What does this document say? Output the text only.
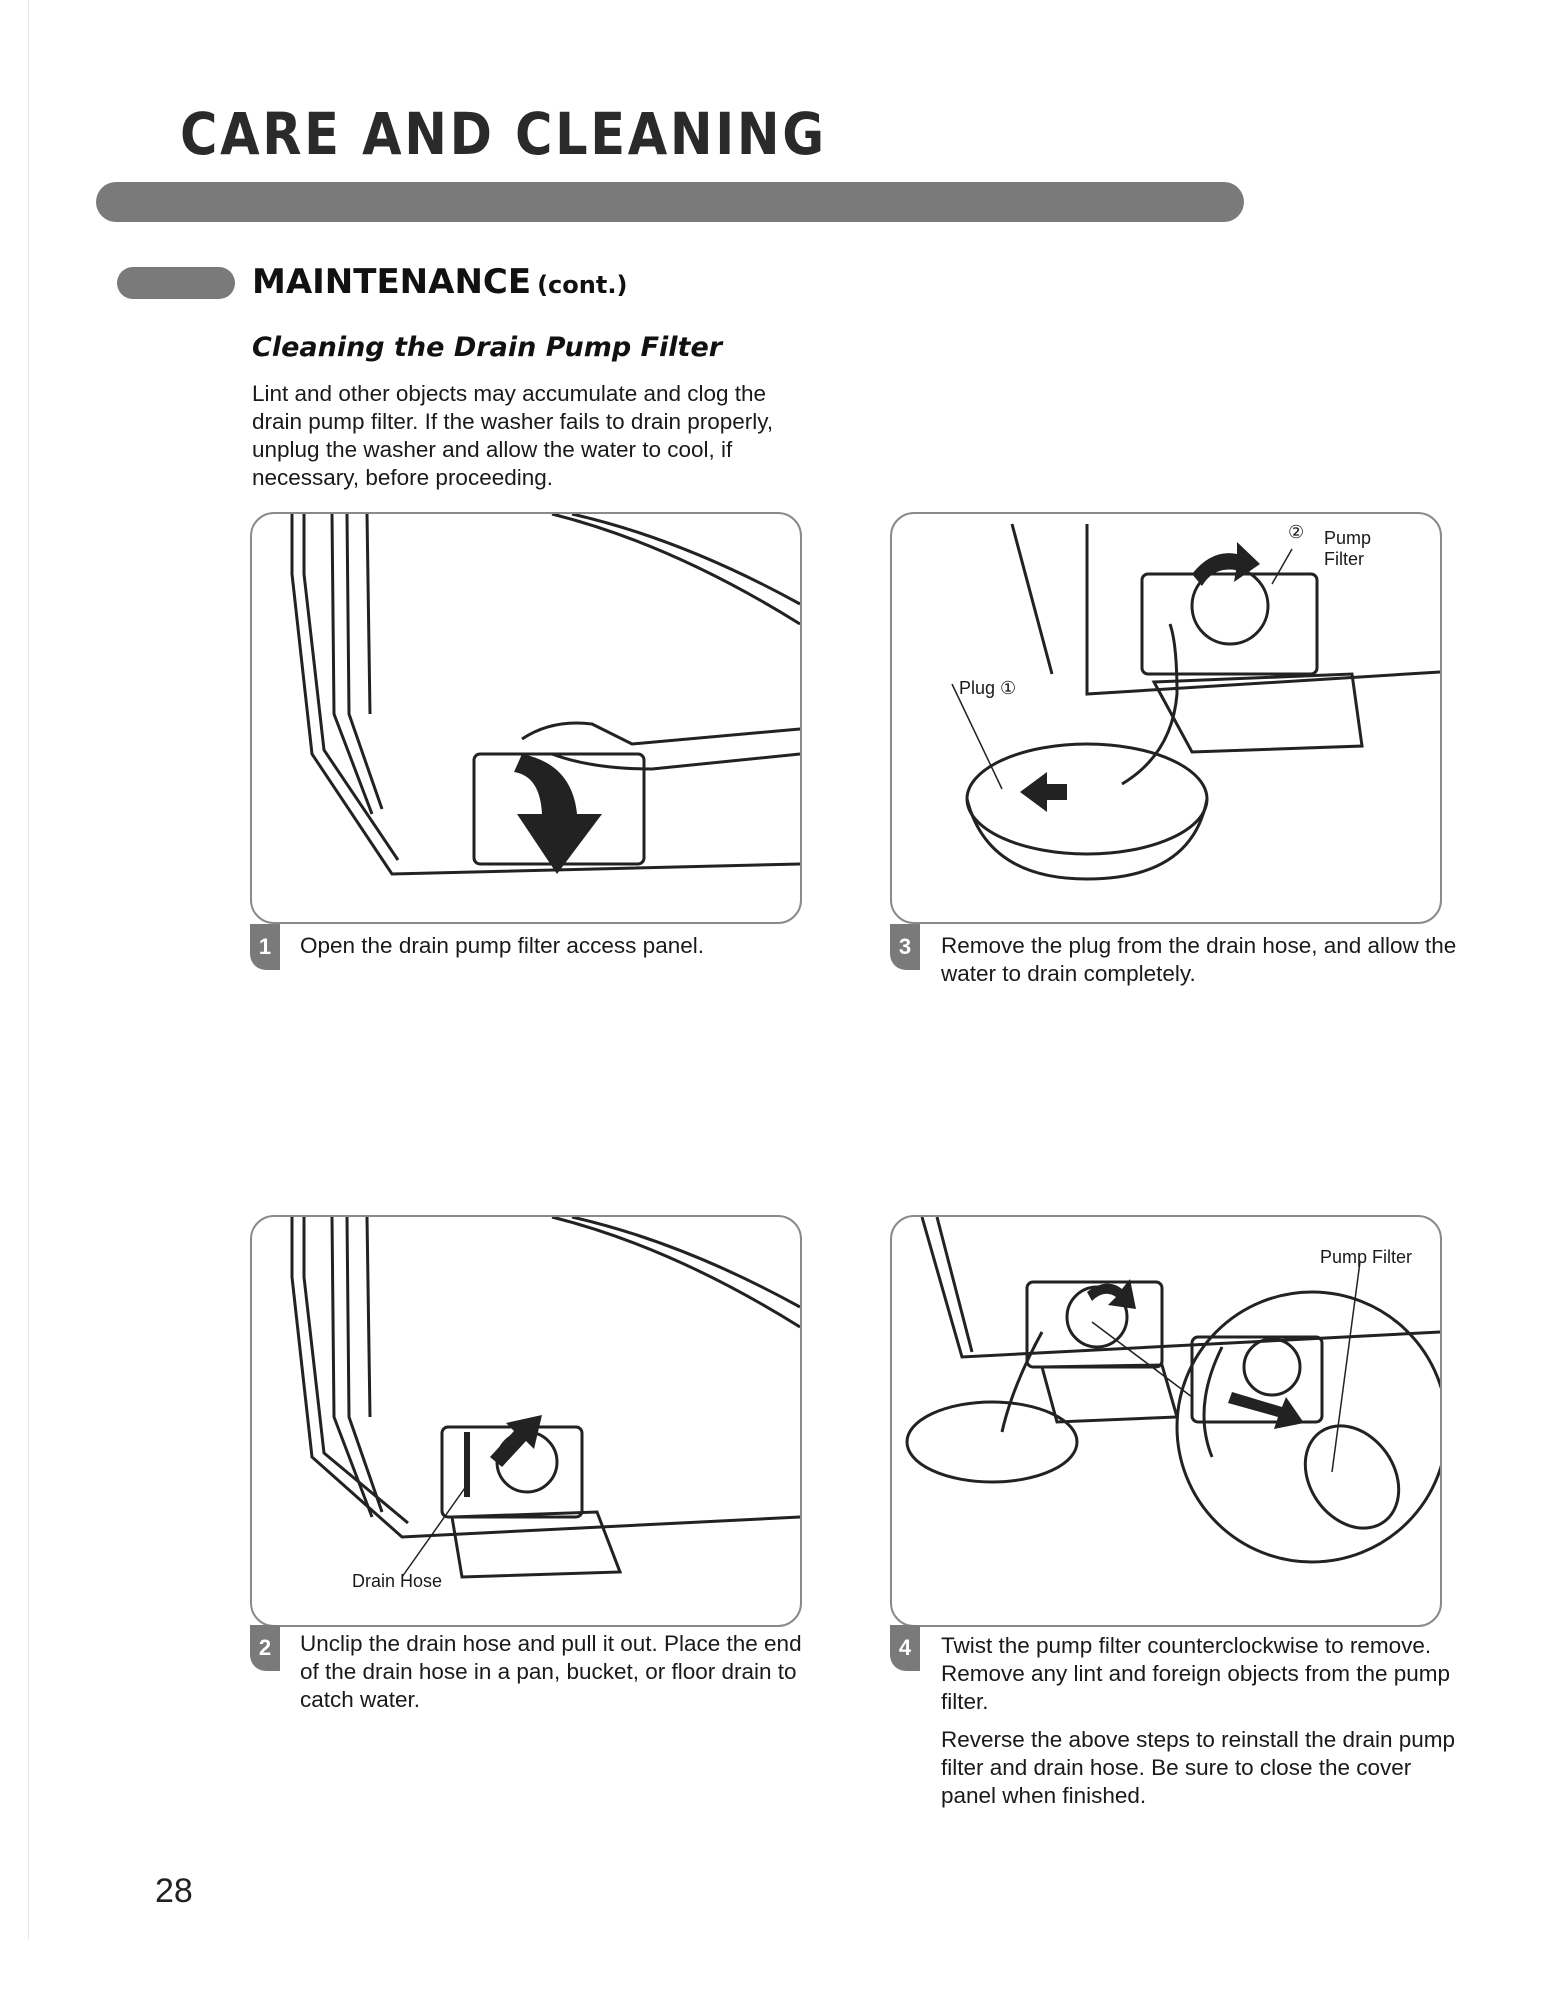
CARE AND CLEANING
MAINTENANCE (cont.)
Cleaning the Drain Pump Filter

Lint and other objects may accumulate and clog the drain pump filter. If the washer fails to drain properly, unplug the washer and allow the water to cool, if necessary, before proceeding.

1	Open the drain pump filter access panel.

Plug ①
② Pump
Filter
3	Remove the plug from the drain hose, and allow the water to drain completely.

Drain Hose
2	Unclip the drain hose and pull it out. Place the end of the drain hose in a pan, bucket, or floor drain to catch water.

Pump Filter
4	Twist the pump filter counterclockwise to remove. Remove any lint and foreign objects from the pump filter.

Reverse the above steps to reinstall the drain pump filter and drain hose. Be sure to close the cover panel when finished.

28
